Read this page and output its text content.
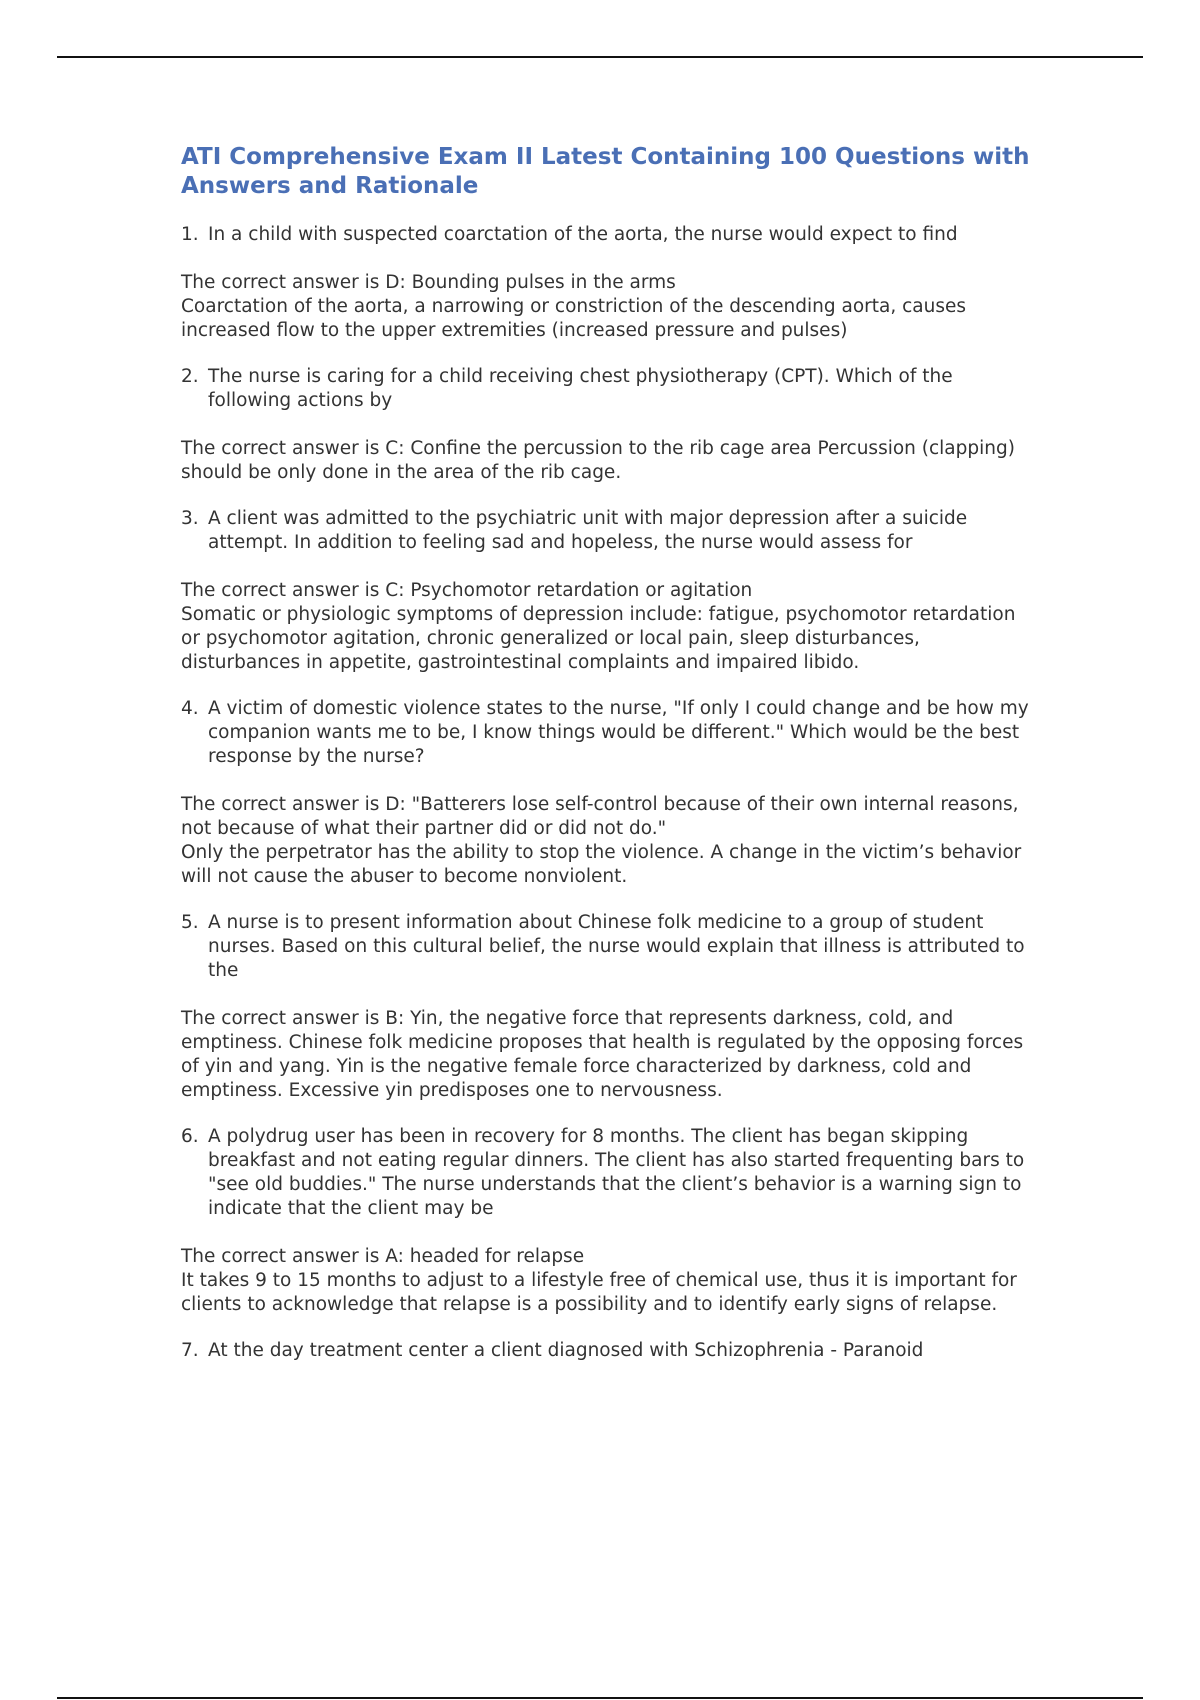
ATI Comprehensive Exam II Latest Containing 100 Questions with Answers and Rationale
1. In a child with suspected coarctation of the aorta, the nurse would expect to find
The correct answer is D: Bounding pulses in the arms
Coarctation of the aorta, a narrowing or constriction of the descending aorta, causes increased flow to the upper extremities (increased pressure and pulses)
2. The nurse is caring for a child receiving chest physiotherapy (CPT). Which of the following actions by
The correct answer is C: Confine the percussion to the rib cage area Percussion (clapping) should be only done in the area of the rib cage.
3. A client was admitted to the psychiatric unit with major depression after a suicide attempt. In addition to feeling sad and hopeless, the nurse would assess for
The correct answer is C: Psychomotor retardation or agitation
Somatic or physiologic symptoms of depression include: fatigue, psychomotor retardation or psychomotor agitation, chronic generalized or local pain, sleep disturbances, disturbances in appetite, gastrointestinal complaints and impaired libido.
4. A victim of domestic violence states to the nurse, "If only I could change and be how my companion wants me to be, I know things would be different." Which would be the best response by the nurse?
The correct answer is D: "Batterers lose self-control because of their own internal reasons, not because of what their partner did or did not do."
Only the perpetrator has the ability to stop the violence. A change in the victim’s behavior will not cause the abuser to become nonviolent.
5. A nurse is to present information about Chinese folk medicine to a group of student nurses. Based on this cultural belief, the nurse would explain that illness is attributed to the
The correct answer is B: Yin, the negative force that represents darkness, cold, and emptiness. Chinese folk medicine proposes that health is regulated by the opposing forces of yin and yang. Yin is the negative female force characterized by darkness, cold and emptiness. Excessive yin predisposes one to nervousness.
6. A polydrug user has been in recovery for 8 months. The client has began skipping breakfast and not eating regular dinners. The client has also started frequenting bars to "see old buddies." The nurse understands that the client’s behavior is a warning sign to indicate that the client may be
The correct answer is A: headed for relapse
It takes 9 to 15 months to adjust to a lifestyle free of chemical use, thus it is important for clients to acknowledge that relapse is a possibility and to identify early signs of relapse.
7. At the day treatment center a client diagnosed with Schizophrenia - Paranoid
